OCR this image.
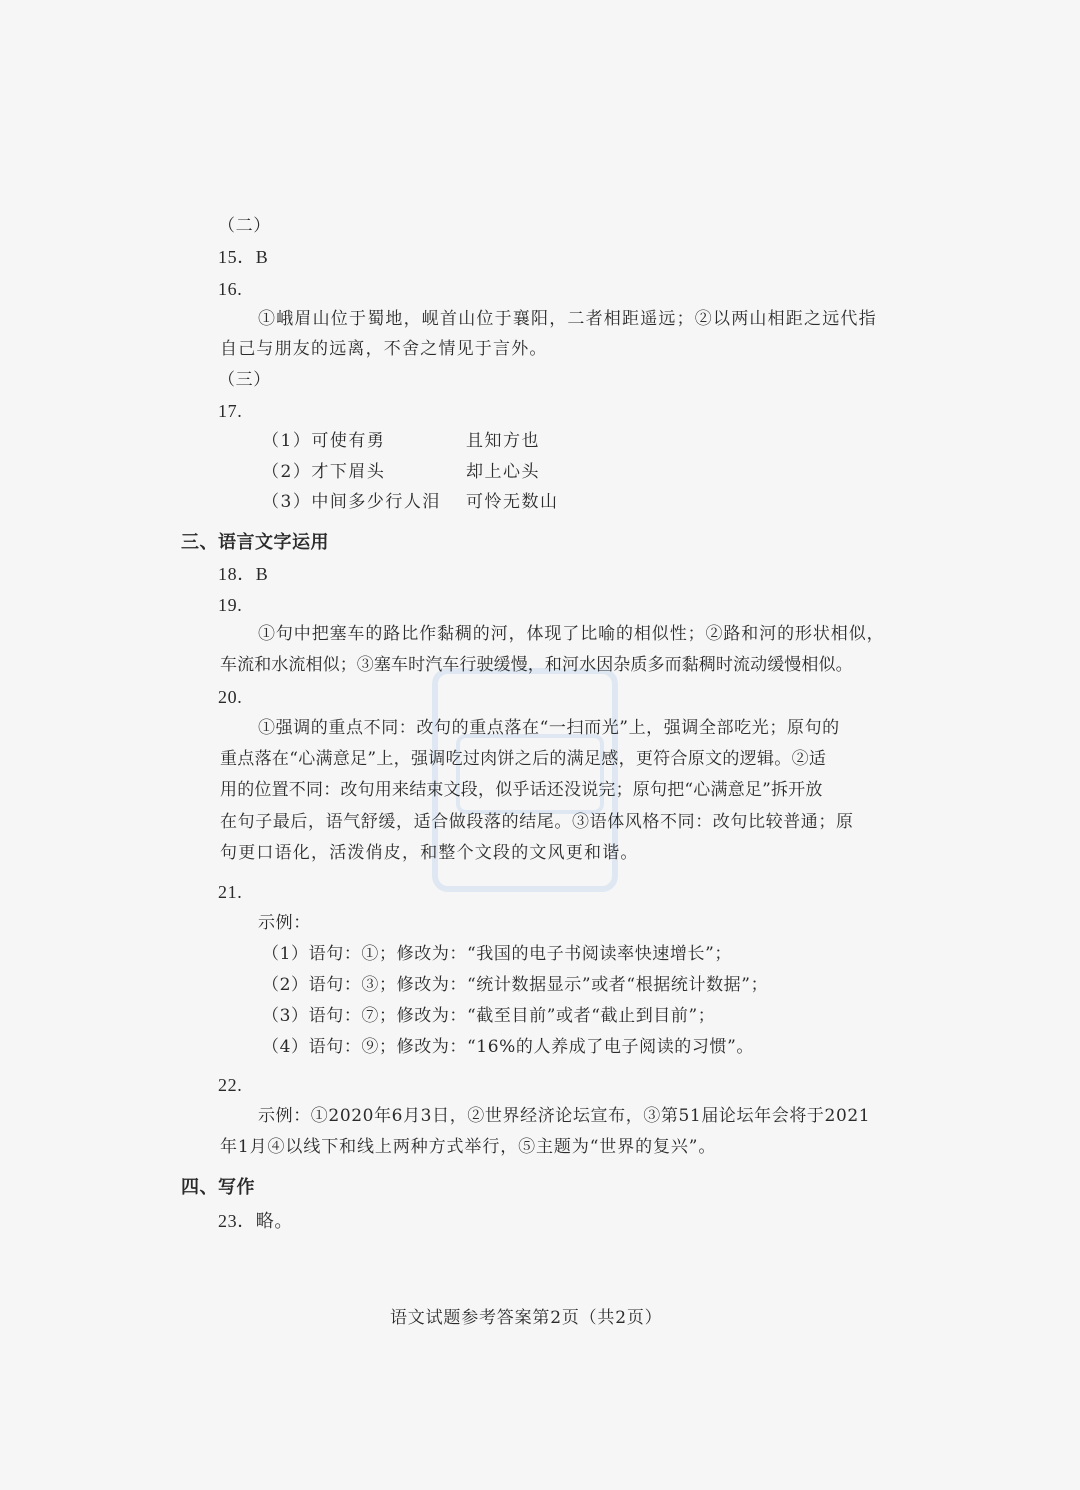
（二）
15．B
16.
①峨眉山位于蜀地，岘首山位于襄阳，二者相距遥远；②以两山相距之远代指
自己与朋友的远离，不舍之情见于言外。
（三）
17.
（1）可使有勇	且知方也
（2）才下眉头	却上心头
（3）中间多少行人泪 可怜无数山
三、语言文字运用
18．B
19.
①句中把塞车的路比作黏稠的河，体现了比喻的相似性；②路和河的形状相似，
车流和水流相似；③塞车时汽车行驶缓慢，和河水因杂质多而黏稠时流动缓慢相似。
20.
①强调的重点不同：改句的重点落在“一扫而光”上，强调全部吃光；原句的
重点落在“心满意足”上，强调吃过肉饼之后的满足感，更符合原文的逻辑。②适
用的位置不同：改句用来结束文段，似乎话还没说完；原句把“心满意足”拆开放
在句子最后，语气舒缓，适合做段落的结尾。③语体风格不同：改句比较普通；原
句更口语化，活泼俏皮，和整个文段的文风更和谐。
21.
示例：
（1）语句：①；修改为：“我国的电子书阅读率快速增长”；
（2）语句：③；修改为：“统计数据显示”或者“根据统计数据”；
（3）语句：⑦；修改为：“截至目前”或者“截止到目前”；
（4）语句：⑨；修改为：“16%的人养成了电子阅读的习惯”。
22.
示例：①2020年6月3日，②世界经济论坛宣布，③第51届论坛年会将于2021
年1月④以线下和线上两种方式举行，⑤主题为“世界的复兴”。
四、写作
23．略。
语文试题参考答案第2页（共2页）
